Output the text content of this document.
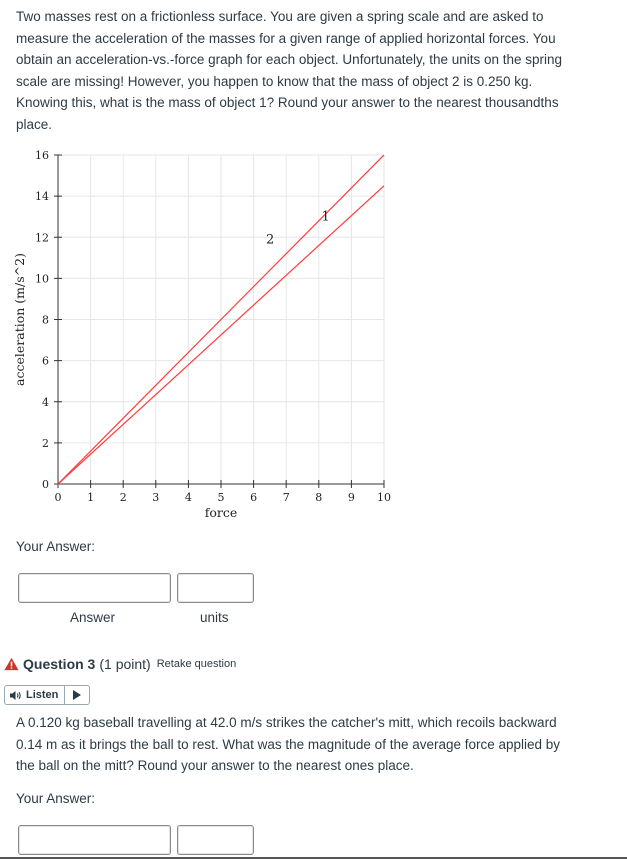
Two masses rest on a frictionless surface. You are given a spring scale and are asked to measure the acceleration of the masses for a given range of applied horizontal forces. You obtain an acceleration-vs.-force graph for each object. Unfortunately, the units on the spring scale are missing! However, you happen to know that the mass of object 2 is 0.250 kg. Knowing this, what is the mass of object 1? Round your answer to the nearest thousandths place.

0 1 2 3 4 5 6 7 8 9 10
0
2
4
6
8
10
12
14
16
2
1
force
acceleration (m/s^2)
Your Answer:
Answer	units
Question 3 (1 point) Retake question
Listen

A 0.120 kg baseball travelling at 42.0 m/s strikes the catcher's mitt, which recoils backward 0.14 m as it brings the ball to rest. What was the magnitude of the average force applied by the ball on the mitt? Round your answer to the nearest ones place.

Your Answer:
